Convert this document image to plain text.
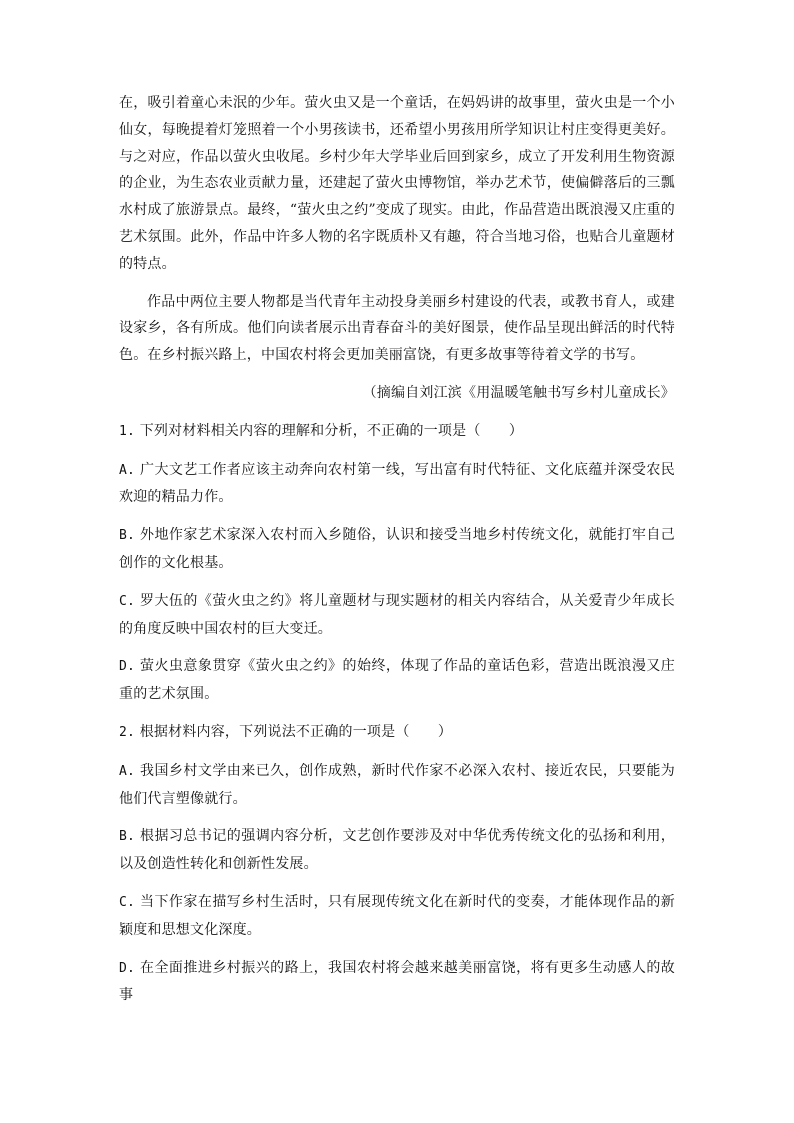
在，吸引着童心未泯的少年。萤火虫又是一个童话，在妈妈讲的故事里，萤火虫是一个小仙女，每晚提着灯笼照着一个小男孩读书，还希望小男孩用所学知识让村庄变得更美好。与之对应，作品以萤火虫收尾。乡村少年大学毕业后回到家乡，成立了开发利用生物资源的企业，为生态农业贡献力量，还建起了萤火虫博物馆，举办艺术节，使偏僻落后的三瓢水村成了旅游景点。最终，“萤火虫之约”变成了现实。由此，作品营造出既浪漫又庄重的艺术氛围。此外，作品中许多人物的名字既质朴又有趣，符合当地习俗，也贴合儿童题材的特点。

作品中两位主要人物都是当代青年主动投身美丽乡村建设的代表，或教书育人，或建设家乡，各有所成。他们向读者展示出青春奋斗的美好图景，使作品呈现出鲜活的时代特色。在乡村振兴路上，中国农村将会更加美丽富饶，有更多故事等待着文学的书写。

（摘编自刘江滨《用温暖笔触书写乡村儿童成长》

1. 下列对材料相关内容的理解和分析，不正确的一项是（　　）

A. 广大文艺工作者应该主动奔向农村第一线，写出富有时代特征、文化底蕴并深受农民欢迎的精品力作。

B. 外地作家艺术家深入农村而入乡随俗，认识和接受当地乡村传统文化，就能打牢自己创作的文化根基。

C. 罗大伍的《萤火虫之约》将儿童题材与现实题材的相关内容结合，从关爱青少年成长的角度反映中国农村的巨大变迁。

D. 萤火虫意象贯穿《萤火虫之约》的始终，体现了作品的童话色彩，营造出既浪漫又庄重的艺术氛围。

2. 根据材料内容，下列说法不正确的一项是（　　）

A. 我国乡村文学由来已久，创作成熟，新时代作家不必深入农村、接近农民，只要能为他们代言塑像就行。

B. 根据习总书记的强调内容分析，文艺创作要涉及对中华优秀传统文化的弘扬和利用，以及创造性转化和创新性发展。

C. 当下作家在描写乡村生活时，只有展现传统文化在新时代的变奏，才能体现作品的新颖度和思想文化深度。

D. 在全面推进乡村振兴的路上，我国农村将会越来越美丽富饶，将有更多生动感人的故事
